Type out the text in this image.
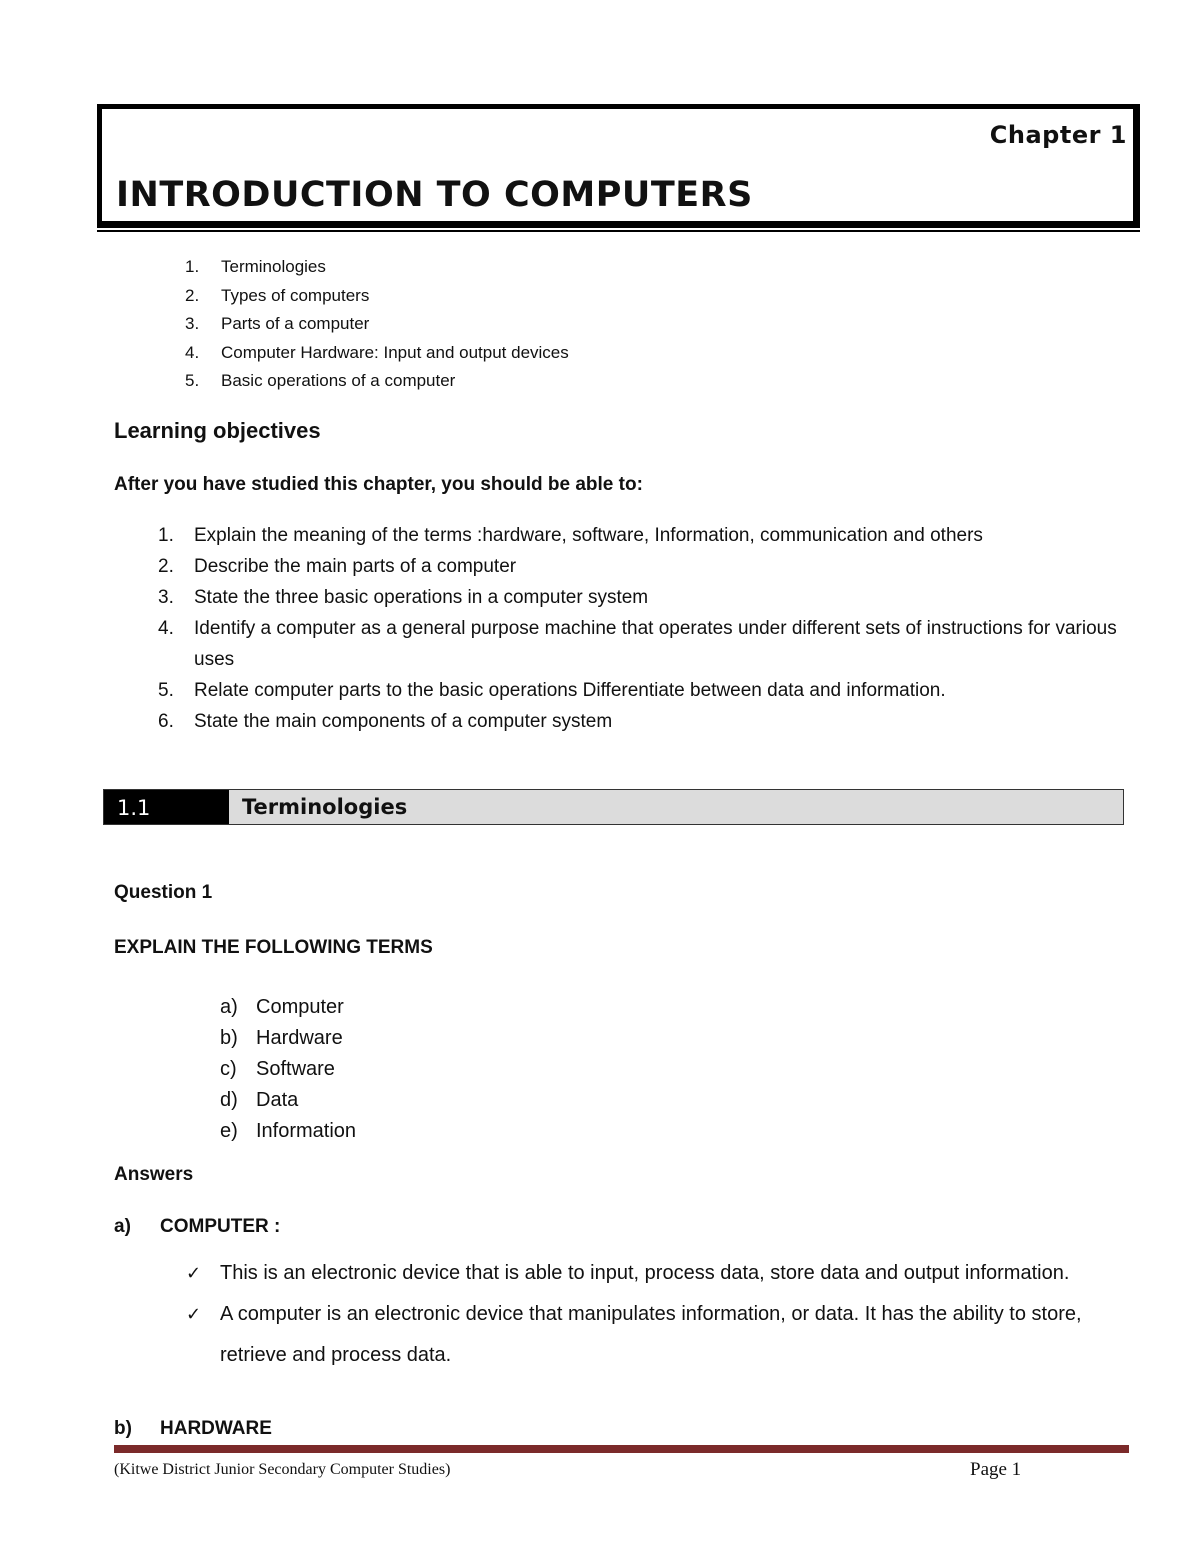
Chapter 1
INTRODUCTION TO COMPUTERS
1. Terminologies
2. Types of computers
3. Parts of a computer
4. Computer Hardware: Input and output devices
5. Basic operations of a computer
Learning objectives
After you have studied this chapter, you should be able to:
1. Explain the meaning of the terms :hardware, software, Information, communication and others
2. Describe the main parts of a computer
3. State the three basic operations in a computer system
4. Identify a computer as a general purpose machine that operates under different sets of instructions for various uses
5. Relate computer parts to the basic operations Differentiate between data and information.
6. State the main components of a computer system
1.1	Terminologies
Question 1
EXPLAIN THE FOLLOWING TERMS
a) Computer
b) Hardware
c) Software
d) Data
e) Information
Answers
a) COMPUTER :
✓ This is an electronic device that is able to input, process data, store data and output information.
✓ A computer is an electronic device that manipulates information, or data. It has the ability to store, retrieve and process data.
b) HARDWARE
(Kitwe District Junior Secondary Computer Studies)	Page 1
